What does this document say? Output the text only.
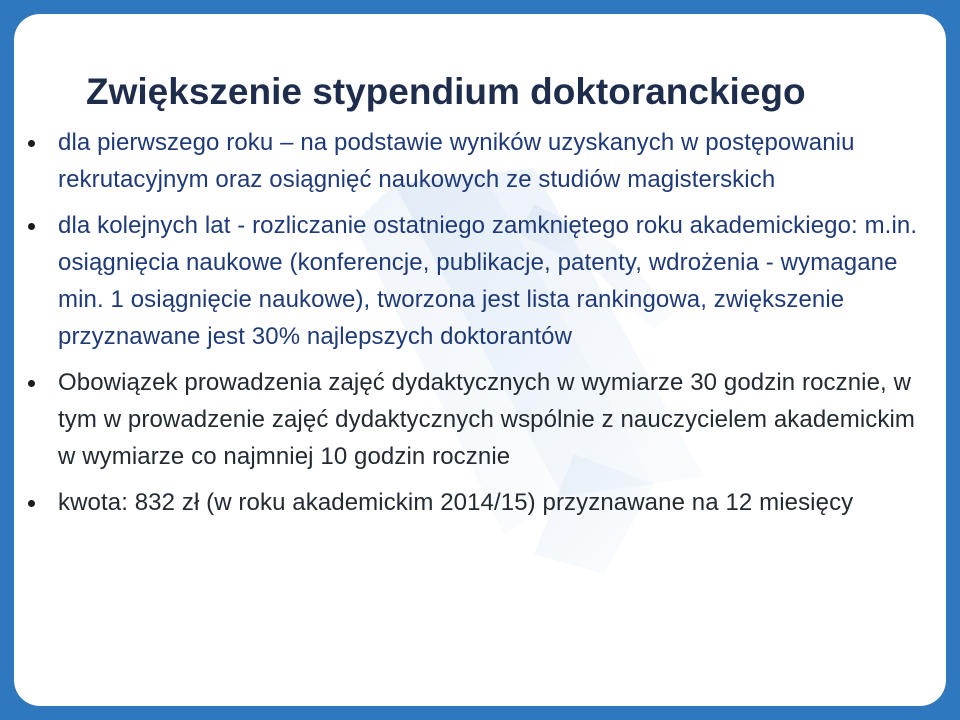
Zwiększenie stypendium doktoranckiego
dla pierwszego roku – na podstawie wyników uzyskanych w postępowaniu rekrutacyjnym oraz osiągnięć naukowych ze studiów magisterskich
dla kolejnych lat - rozliczanie ostatniego zamkniętego roku akademickiego: m.in. osiągnięcia naukowe (konferencje, publikacje, patenty, wdrożenia - wymagane min. 1 osiągnięcie naukowe), tworzona jest lista rankingowa, zwiększenie przyznawane jest 30% najlepszych doktorantów
Obowiązek prowadzenia zajęć dydaktycznych w wymiarze 30 godzin rocznie, w tym w prowadzenie zajęć dydaktycznych wspólnie z nauczycielem akademickim w wymiarze co najmniej 10 godzin rocznie
kwota: 832 zł (w roku akademickim 2014/15) przyznawane na 12 miesięcy
